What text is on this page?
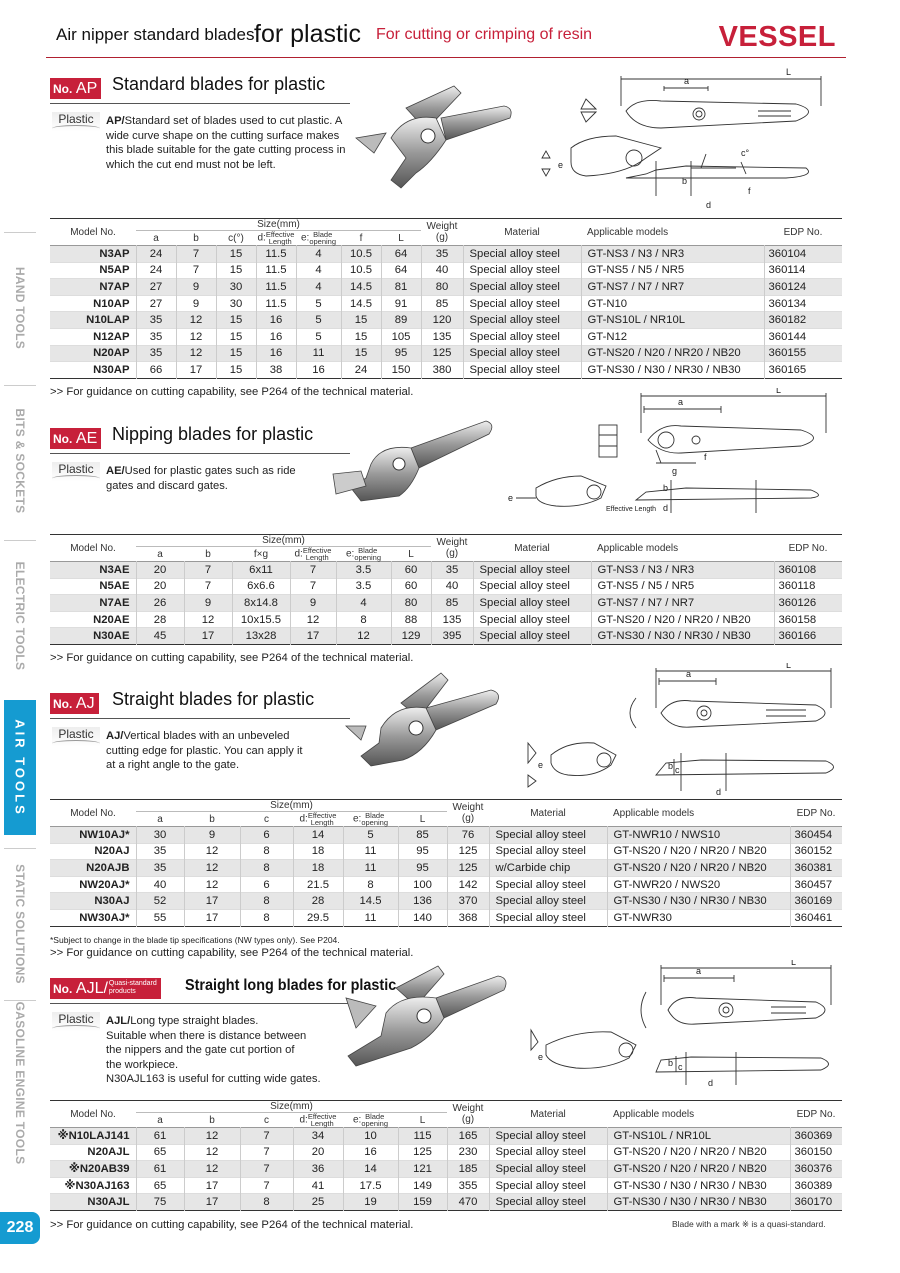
Air nipper standard blades for plastic For cutting or crimping of resin	VESSEL
HAND TOOLS
BITS & SOCKETS
ELECTRIC TOOLS
AIR TOOLS
STATIC SOLUTIONS
GASOLINE ENGINE TOOLS
228
No. AP Standard blades for plastic
Plastic	AP/Standard set of blades used to cut plastic. A wide curve shape on the cutting surface makes this blade suitable for the gate cutting process in which the cut end must not be left.
L
a
e
b
c°
f
d
Model No.	Size(mm)							Weight
(g)	Material	Applicable models	EDP No.
	a	b	c(°)	d:Effective
Length	e: Blade
opening	f	L				
N3AP	24	7	15	11.5	4	10.5	64	35	Special alloy steel	GT-NS3 / N3 / NR3	360104
N5AP	24	7	15	11.5	4	10.5	64	40	Special alloy steel	GT-NS5 / N5 / NR5	360114
N7AP	27	9	30	11.5	4	14.5	81	80	Special alloy steel	GT-NS7 / N7 / NR7	360124
N10AP	27	9	30	11.5	5	14.5	91	85	Special alloy steel	GT-N10	360134
N10LAP	35	12	15	16	5	15	89	120	Special alloy steel	GT-NS10L / NR10L	360182
N12AP	35	12	15	16	5	15	105	135	Special alloy steel	GT-N12	360144
N20AP	35	12	15	16	11	15	95	125	Special alloy steel	GT-NS20 / N20 / NR20 / NB20	360155
N30AP	66	17	15	38	16	24	150	380	Special alloy steel	GT-NS30 / N30 / NR30 / NB30	360165
>> For guidance on cutting capability, see P264 of the technical material.
No. AE Nipping blades for plastic
Plastic	AE/Used for plastic gates such as ride gates and discard gates.
L
a
f
g
e
b
Effective Length d
Model No.	Size(mm)						Weight
(g)	Material	Applicable models	EDP No.
	a	b	f×g	d:Effective
Length	e: Blade
opening	L				
N3AE	20	7	6x11	7	3.5	60	35	Special alloy steel	GT-NS3 / N3 / NR3	360108
N5AE	20	7	6x6.6	7	3.5	60	40	Special alloy steel	GT-NS5 / N5 / NR5	360118
N7AE	26	9	8x14.8	9	4	80	85	Special alloy steel	GT-NS7 / N7 / NR7	360126
N20AE	28	12	10x15.5	12	8	88	135	Special alloy steel	GT-NS20 / N20 / NR20 / NB20	360158
N30AE	45	17	13x28	17	12	129	395	Special alloy steel	GT-NS30 / N30 / NR30 / NB30	360166
>> For guidance on cutting capability, see P264 of the technical material.
No. AJ Straight blades for plastic
Plastic	AJ/Vertical blades with an unbeveled cutting edge for plastic. You can apply it at a right angle to the gate.
L
a
e	b c
d
Model No.	Size(mm)						Weight
(g)	Material	Applicable models	EDP No.
	a	b	c	d:Effective
Length	e: Blade
opening	L				
NW10AJ*	30	9	6	14	5	85	76	Special alloy steel	GT-NWR10 / NWS10	360454
N20AJ	35	12	8	18	11	95	125	Special alloy steel	GT-NS20 / N20 / NR20 / NB20	360152
N20AJB	35	12	8	18	11	95	125	w/Carbide chip	GT-NS20 / N20 / NR20 / NB20	360381
NW20AJ*	40	12	6	21.5	8	100	142	Special alloy steel	GT-NWR20 / NWS20	360457
N30AJ	52	17	8	28	14.5	136	370	Special alloy steel	GT-NS30 / N30 / NR30 / NB30	360169
NW30AJ*	55	17	8	29.5	11	140	368	Special alloy steel	GT-NWR30	360461
*Subject to change in the blade tip specifications (NW types only). See P204.
>> For guidance on cutting capability, see P264 of the technical material.
No. AJL/Quasi-standard
products	Straight long blades for plastic
Plastic	AJL/Long type straight blades.
Suitable when there is distance between
the nippers and the gate cut portion of
the workpiece.
N30AJL163 is useful for cutting wide gates.
L
a
e
b c
d
Model No.	Size(mm)						Weight
(g)	Material	Applicable models	EDP No.
	a	b	c	d:Effective
Length	e: Blade
opening	L				
※N10LAJ141	61	12	7	34	10	115	165	Special alloy steel	GT-NS10L / NR10L	360369
N20AJL	65	12	7	20	16	125	230	Special alloy steel	GT-NS20 / N20 / NR20 / NB20	360150
※N20AB39	61	12	7	36	14	121	185	Special alloy steel	GT-NS20 / N20 / NR20 / NB20	360376
※N30AJ163	65	17	7	41	17.5	149	355	Special alloy steel	GT-NS30 / N30 / NR30 / NB30	360389
N30AJL	75	17	8	25	19	159	470	Special alloy steel	GT-NS30 / N30 / NR30 / NB30	360170
>> For guidance on cutting capability, see P264 of the technical material.	Blade with a mark ※ is a quasi-standard.
